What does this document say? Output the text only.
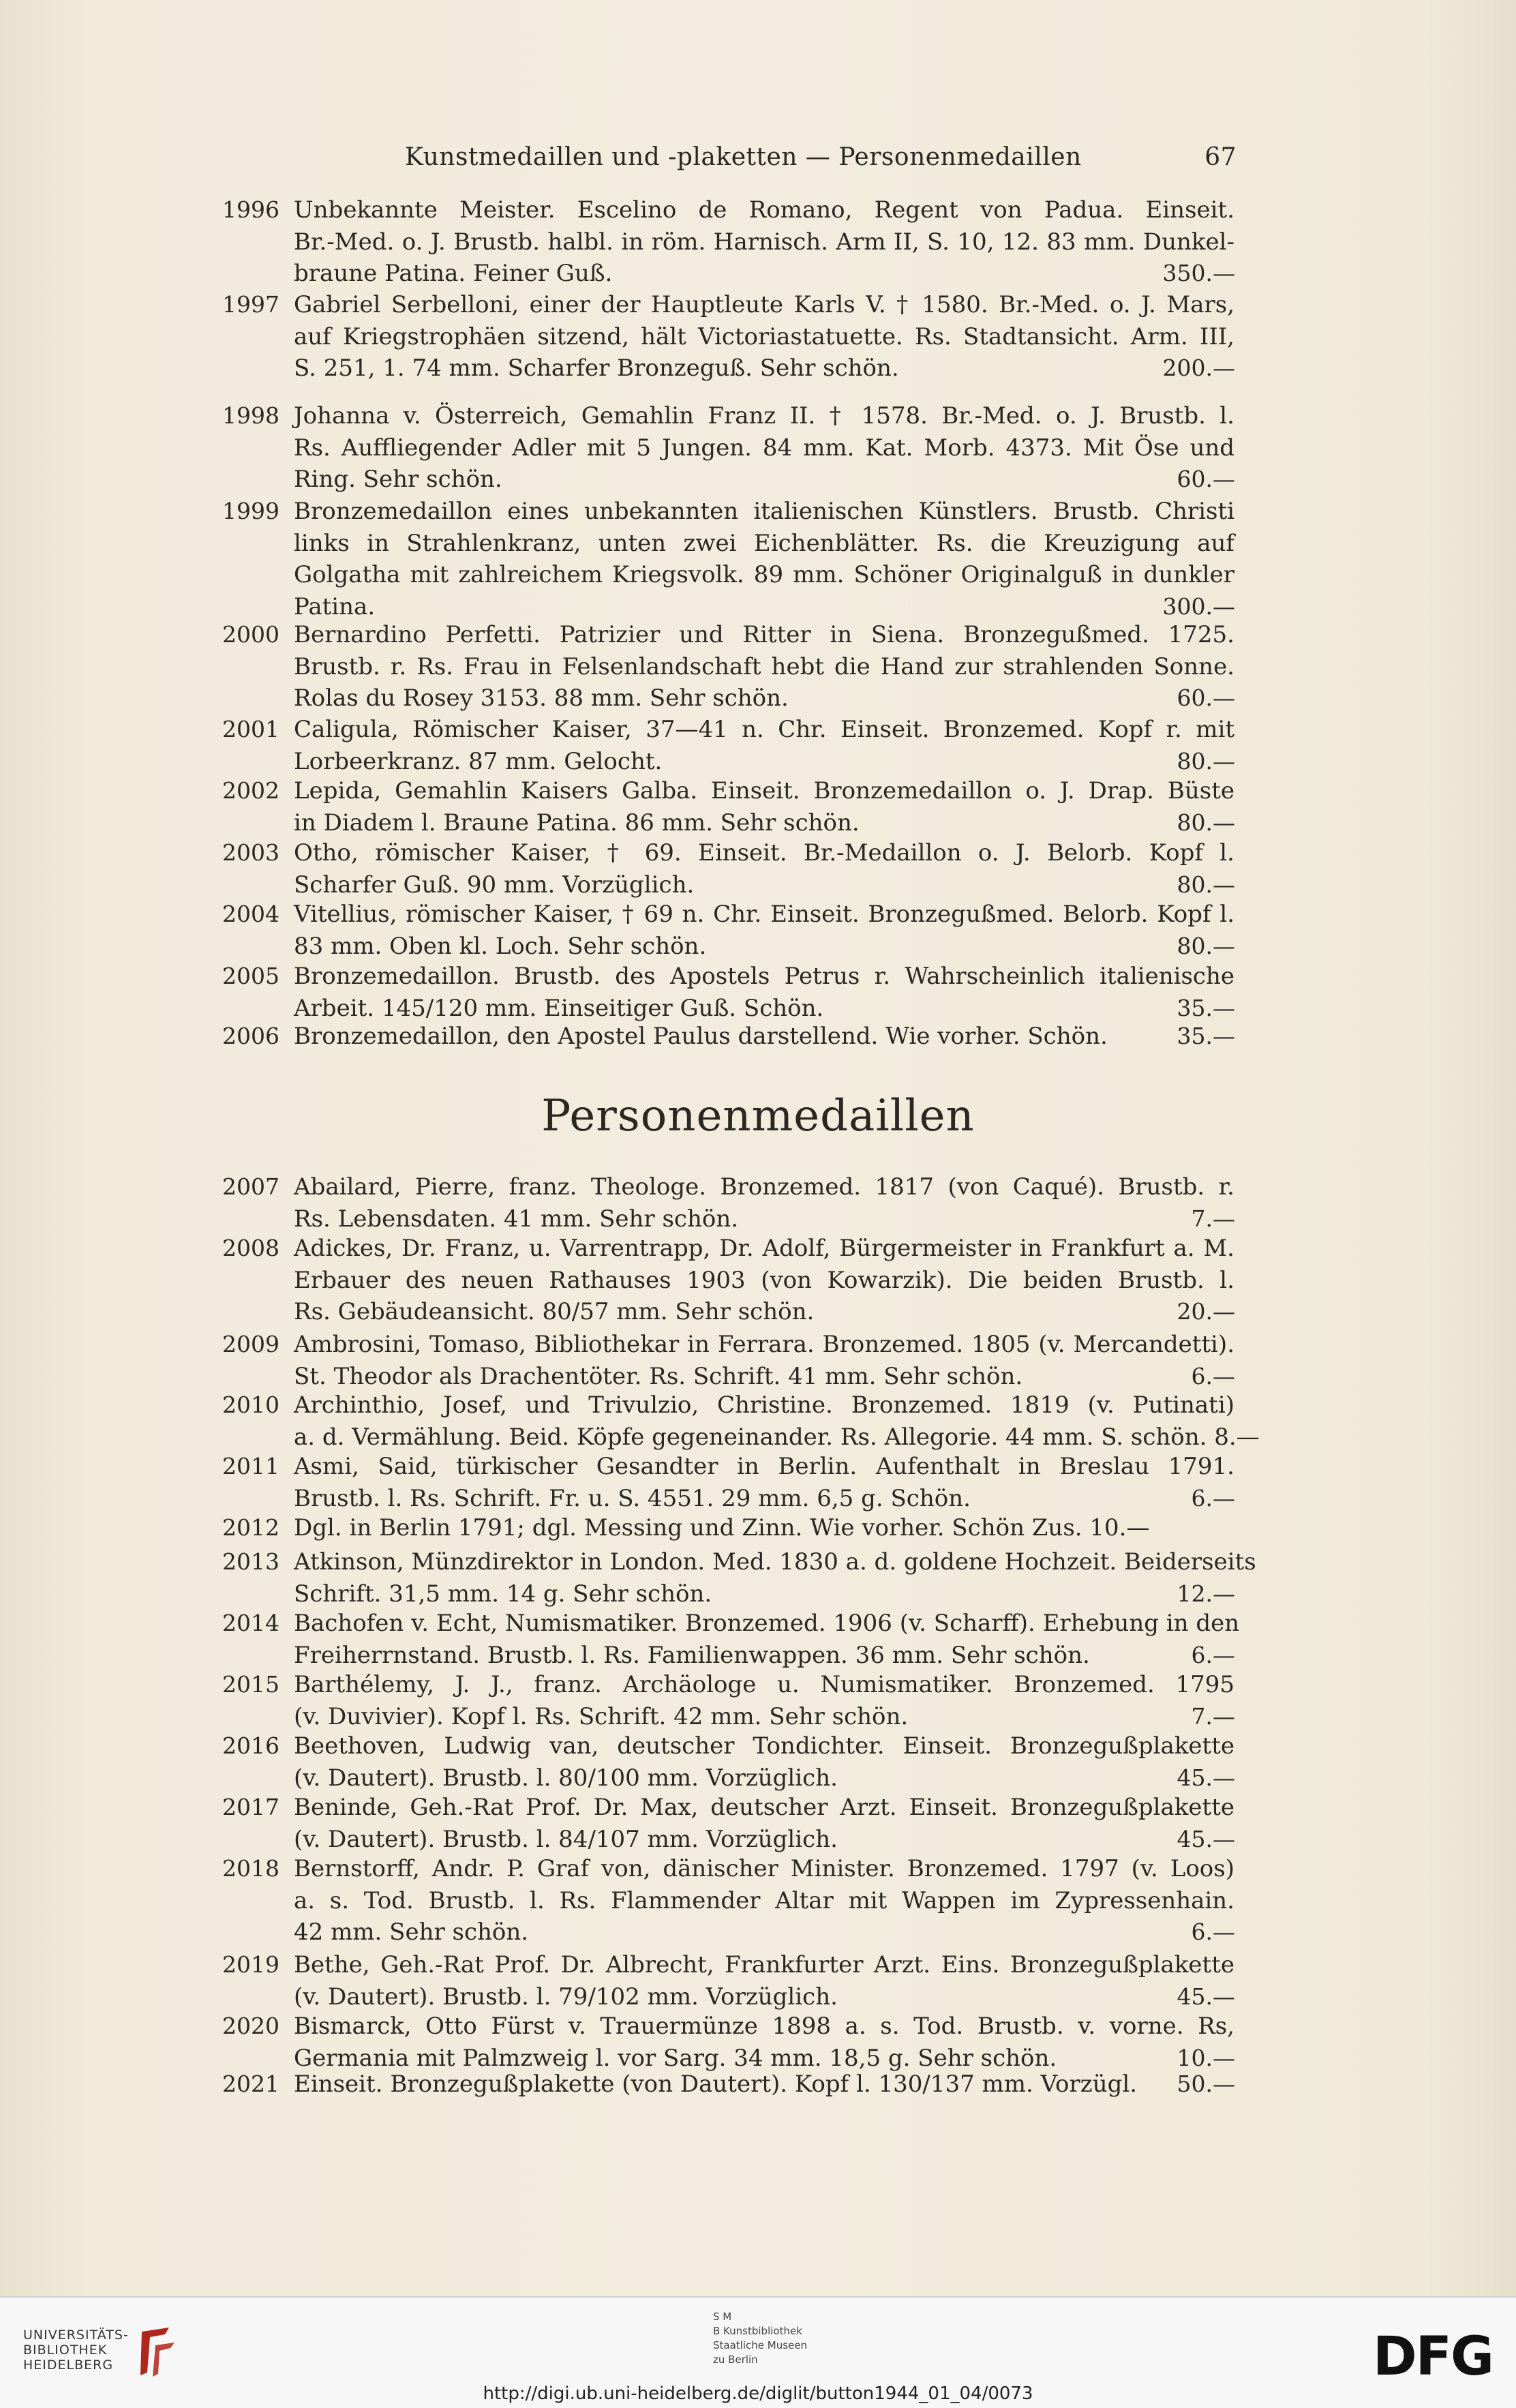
Kunstmedaillen und -plaketten — Personenmedaillen	67
Personenmedaillen
1996 Unbekannte Meister. Escelino de Romano, Regent von Padua. Einseit.
Br.-Med. o. J. Brustb. halbl. in röm. Harnisch. Arm II, S. 10, 12. 83 mm. Dunkel-
braune Patina. Feiner Guß.	350.—
1997 Gabriel Serbelloni, einer der Hauptleute Karls V. † 1580. Br.-Med. o. J. Mars,
auf Kriegstrophäen sitzend, hält Victoriastatuette. Rs. Stadtansicht. Arm. III,
S. 251, 1. 74 mm. Scharfer Bronzeguß. Sehr schön.	200.—
1998 Johanna v. Österreich, Gemahlin Franz II. † 1578. Br.-Med. o. J. Brustb. l.
Rs. Auffliegender Adler mit 5 Jungen. 84 mm. Kat. Morb. 4373. Mit Öse und
Ring. Sehr schön.	60.—
1999 Bronzemedaillon eines unbekannten italienischen Künstlers. Brustb. Christi
links in Strahlenkranz, unten zwei Eichenblätter. Rs. die Kreuzigung auf
Golgatha mit zahlreichem Kriegsvolk. 89 mm. Schöner Originalguß in dunkler
Patina.	300.—
2000 Bernardino Perfetti. Patrizier und Ritter in Siena. Bronzegußmed. 1725.
Brustb. r. Rs. Frau in Felsenlandschaft hebt die Hand zur strahlenden Sonne.
Rolas du Rosey 3153. 88 mm. Sehr schön.	60.—
2001 Caligula, Römischer Kaiser, 37—41 n. Chr. Einseit. Bronzemed. Kopf r. mit
Lorbeerkranz. 87 mm. Gelocht.	80.—
2002 Lepida, Gemahlin Kaisers Galba. Einseit. Bronzemedaillon o. J. Drap. Büste
in Diadem l. Braune Patina. 86 mm. Sehr schön.	80.—
2003 Otho, römischer Kaiser, † 69. Einseit. Br.-Medaillon o. J. Belorb. Kopf l.
Scharfer Guß. 90 mm. Vorzüglich.	80.—
2004 Vitellius, römischer Kaiser, † 69 n. Chr. Einseit. Bronzegußmed. Belorb. Kopf l.
83 mm. Oben kl. Loch. Sehr schön.	80.—
2005 Bronzemedaillon. Brustb. des Apostels Petrus r. Wahrscheinlich italienische
Arbeit. 145/120 mm. Einseitiger Guß. Schön.	35.—
2006 Bronzemedaillon, den Apostel Paulus darstellend. Wie vorher. Schön.	35.—
2007 Abailard, Pierre, franz. Theologe. Bronzemed. 1817 (von Caqué). Brustb. r.
Rs. Lebensdaten. 41 mm. Sehr schön.	7.—
2008 Adickes, Dr. Franz, u. Varrentrapp, Dr. Adolf, Bürgermeister in Frankfurt a. M.
Erbauer des neuen Rathauses 1903 (von Kowarzik). Die beiden Brustb. l.
Rs. Gebäudeansicht. 80/57 mm. Sehr schön.	20.—
2009 Ambrosini, Tomaso, Bibliothekar in Ferrara. Bronzemed. 1805 (v. Mercandetti).
St. Theodor als Drachentöter. Rs. Schrift. 41 mm. Sehr schön.	6.—
2010 Archinthio, Josef, und Trivulzio, Christine. Bronzemed. 1819 (v. Putinati)
a. d. Vermählung. Beid. Köpfe gegeneinander. Rs. Allegorie. 44 mm. S. schön. 8.—
2011 Asmi, Said, türkischer Gesandter in Berlin. Aufenthalt in Breslau 1791.
Brustb. l. Rs. Schrift. Fr. u. S. 4551. 29 mm. 6,5 g. Schön.	6.—
2012 Dgl. in Berlin 1791; dgl. Messing und Zinn. Wie vorher. Schön Zus. 10.—
2013 Atkinson, Münzdirektor in London. Med. 1830 a. d. goldene Hochzeit. Beiderseits
Schrift. 31,5 mm. 14 g. Sehr schön.	12.—
2014 Bachofen v. Echt, Numismatiker. Bronzemed. 1906 (v. Scharff). Erhebung in den
Freiherrnstand. Brustb. l. Rs. Familienwappen. 36 mm. Sehr schön.	6.—
2015 Barthélemy, J. J., franz. Archäologe u. Numismatiker. Bronzemed. 1795
(v. Duvivier). Kopf l. Rs. Schrift. 42 mm. Sehr schön.	7.—
2016 Beethoven, Ludwig van, deutscher Tondichter. Einseit. Bronzegußplakette
(v. Dautert). Brustb. l. 80/100 mm. Vorzüglich.	45.—
2017 Beninde, Geh.-Rat Prof. Dr. Max, deutscher Arzt. Einseit. Bronzegußplakette
(v. Dautert). Brustb. l. 84/107 mm. Vorzüglich.	45.—
2018 Bernstorff, Andr. P. Graf von, dänischer Minister. Bronzemed. 1797 (v. Loos)
a. s. Tod. Brustb. l. Rs. Flammender Altar mit Wappen im Zypressenhain.
42 mm. Sehr schön.	6.—
2019 Bethe, Geh.-Rat Prof. Dr. Albrecht, Frankfurter Arzt. Eins. Bronzegußplakette
(v. Dautert). Brustb. l. 79/102 mm. Vorzüglich.	45.—
2020 Bismarck, Otto Fürst v. Trauermünze 1898 a. s. Tod. Brustb. v. vorne. Rs,
Germania mit Palmzweig l. vor Sarg. 34 mm. 18,5 g. Sehr schön.	10.—
2021 Einseit. Bronzegußplakette (von Dautert). Kopf l. 130/137 mm. Vorzügl.	50.—
UNIVERSITÄTS-
BIBLIOTHEK
HEIDELBERG
S M
B Kunstbibliothek
Staatliche Museen
zu Berlin	DFG
http://digi.ub.uni-heidelberg.de/diglit/button1944_01_04/0073
